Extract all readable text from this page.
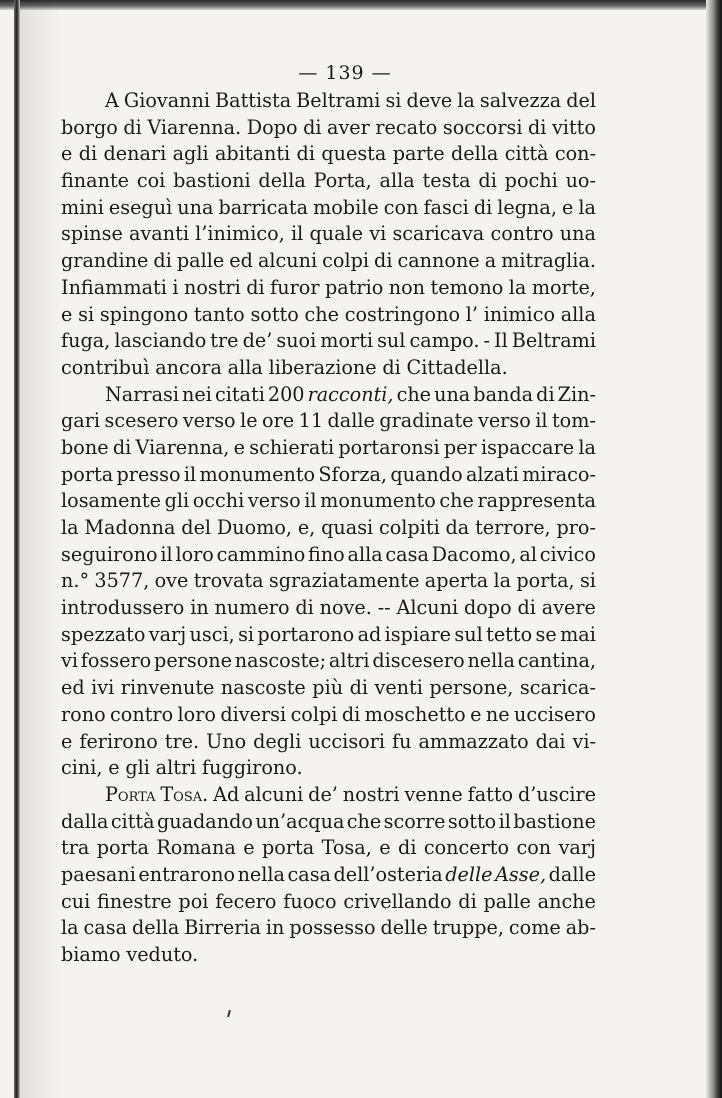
— 139 —
A Giovanni Battista Beltrami si deve la salvezza del
borgo di Viarenna. Dopo di aver recato soccorsi di vitto
e di denari agli abitanti di questa parte della città con-
finante coi bastioni della Porta, alla testa di pochi uo-
mini eseguì una barricata mobile con fasci di legna, e la
spinse avanti l’inimico, il quale vi scaricava contro una
grandine di palle ed alcuni colpi di cannone a mitraglia.
Infiammati i nostri di furor patrio non temono la morte,
e si spingono tanto sotto che costringono l’ inimico alla
fuga, lasciando tre de’ suoi morti sul campo. - Il Beltrami
contribuì ancora alla liberazione di Cittadella.
Narrasi nei citati 200 racconti, che una banda di Zin-
gari scesero verso le ore 11 dalle gradinate verso il tom-
bone di Viarenna, e schierati portaronsi per ispaccare la
porta presso il monumento Sforza, quando alzati miraco-
losamente gli occhi verso il monumento che rappresenta
la Madonna del Duomo, e, quasi colpiti da terrore, pro-
seguirono il loro cammino fino alla casa Dacomo, al civico
n.° 3577, ove trovata sgraziatamente aperta la porta, si
introdussero in numero di nove. -- Alcuni dopo di avere
spezzato varj usci, si portarono ad ispiare sul tetto se mai
vi fossero persone nascoste; altri discesero nella cantina,
ed ivi rinvenute nascoste più di venti persone, scarica-
rono contro loro diversi colpi di moschetto e ne uccisero
e ferirono tre. Uno degli uccisori fu ammazzato dai vi-
cini, e gli altri fuggirono.
Porta Tosa. Ad alcuni de’ nostri venne fatto d’uscire
dalla città guadando un’acqua che scorre sotto il bastione
tra porta Romana e porta Tosa, e di concerto con varj
paesani entrarono nella casa dell’osteria delle Asse, dalle
cui finestre poi fecero fuoco crivellando di palle anche
la casa della Birreria in possesso delle truppe, come ab-
biamo veduto.
